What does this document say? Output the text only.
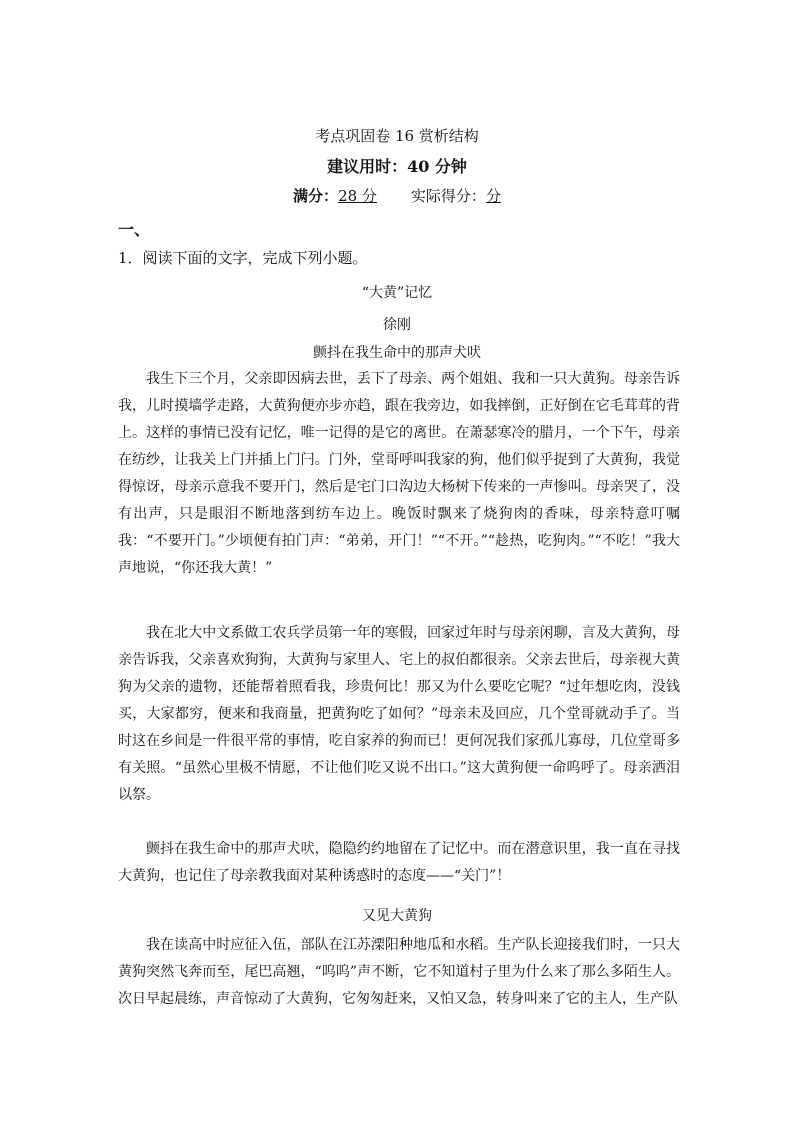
考点巩固卷 16 赏析结构
建议用时：40 分钟
满分：28 分 实际得分：分
一、
1．阅读下面的文字，完成下列小题。
“大黄”记忆
徐刚
颤抖在我生命中的那声犬吠

我生下三个月，父亲即因病去世，丢下了母亲、两个姐姐、我和一只大黄狗。母亲告诉我，儿时摸墙学走路，大黄狗便亦步亦趋，跟在我旁边，如我摔倒，正好倒在它毛茸茸的背上。这样的事情已没有记忆，唯一记得的是它的离世。在萧瑟寒冷的腊月，一个下午，母亲在纺纱，让我关上门并插上门闩。门外，堂哥呼叫我家的狗，他们似乎捉到了大黄狗，我觉得惊讶，母亲示意我不要开门，然后是宅门口沟边大杨树下传来的一声惨叫。母亲哭了，没有出声，只是眼泪不断地落到纺车边上。晚饭时飘来了烧狗肉的香味，母亲特意叮嘱我：“不要开门。”少顷便有拍门声：“弟弟，开门！”“不开。”“趁热，吃狗肉。”“不吃！”我大声地说，“你还我大黄！”

我在北大中文系做工农兵学员第一年的寒假，回家过年时与母亲闲聊，言及大黄狗，母亲告诉我，父亲喜欢狗狗，大黄狗与家里人、宅上的叔伯都很亲。父亲去世后，母亲视大黄狗为父亲的遗物，还能帮着照看我，珍贵何比！那又为什么要吃它呢？“过年想吃肉，没钱买，大家都穷，便来和我商量，把黄狗吃了如何？”母亲未及回应，几个堂哥就动手了。当时这在乡间是一件很平常的事情，吃自家养的狗而已！更何况我们家孤儿寡母，几位堂哥多有关照。“虽然心里极不情愿，不让他们吃又说不出口。”这大黄狗便一命呜呼了。母亲洒泪以祭。

颤抖在我生命中的那声犬吠，隐隐约约地留在了记忆中。而在潜意识里，我一直在寻找大黄狗，也记住了母亲教我面对某种诱惑时的态度——“关门”！

又见大黄狗

我在读高中时应征入伍，部队在江苏溧阳种地瓜和水稻。生产队长迎接我们时，一只大黄狗突然飞奔而至，尾巴高翘，“呜呜”声不断，它不知道村子里为什么来了那么多陌生人。次日早起晨练，声音惊动了大黄狗，它匆匆赶来，又怕又急，转身叫来了它的主人，生产队
